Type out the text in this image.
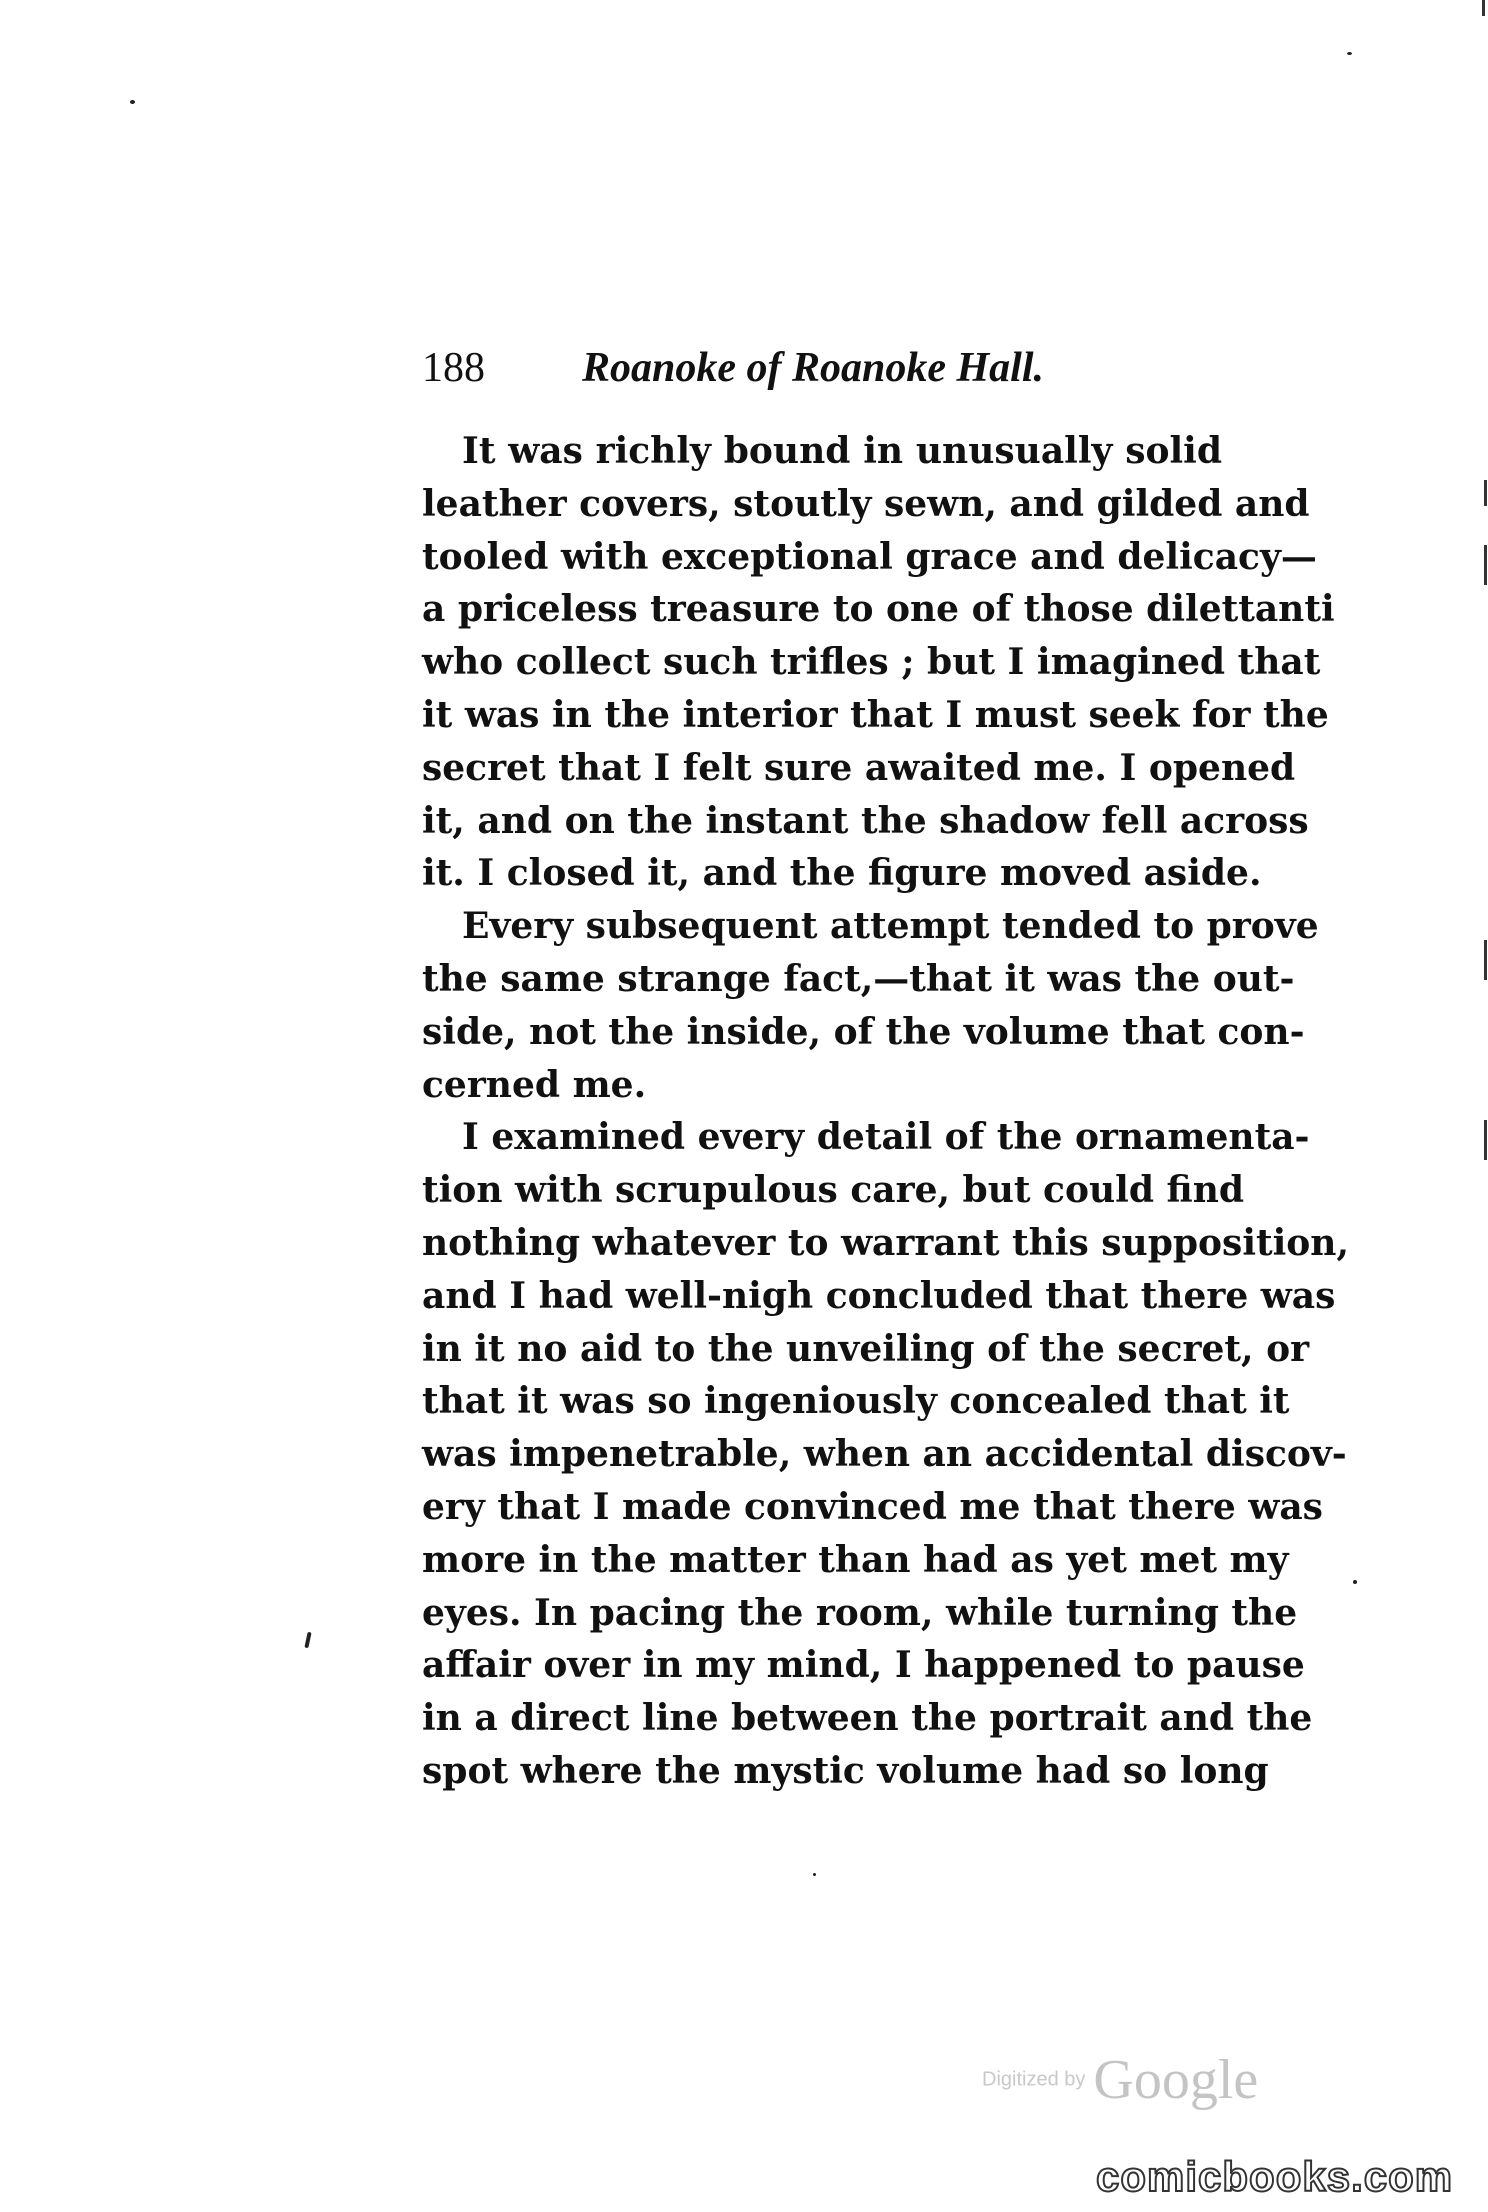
188 Roanoke of Roanoke Hall.
It was richly bound in unusually solid
leather covers, stoutly sewn, and gilded and
tooled with exceptional grace and delicacy—
a priceless treasure to one of those dilettanti
who collect such trifles ; but I imagined that
it was in the interior that I must seek for the
secret that I felt sure awaited me. I opened
it, and on the instant the shadow fell across
it. I closed it, and the figure moved aside.
Every subsequent attempt tended to prove
the same strange fact,—that it was the out-
side, not the inside, of the volume that con-
cerned me.
I examined every detail of the ornamenta-
tion with scrupulous care, but could find
nothing whatever to warrant this supposition,
and I had well-nigh concluded that there was
in it no aid to the unveiling of the secret, or
that it was so ingeniously concealed that it
was impenetrable, when an accidental discov-
ery that I made convinced me that there was
more in the matter than had as yet met my
eyes. In pacing the room, while turning the
affair over in my mind, I happened to pause
in a direct line between the portrait and the
spot where the mystic volume had so long
Digitized by Google
comicbooks.com
